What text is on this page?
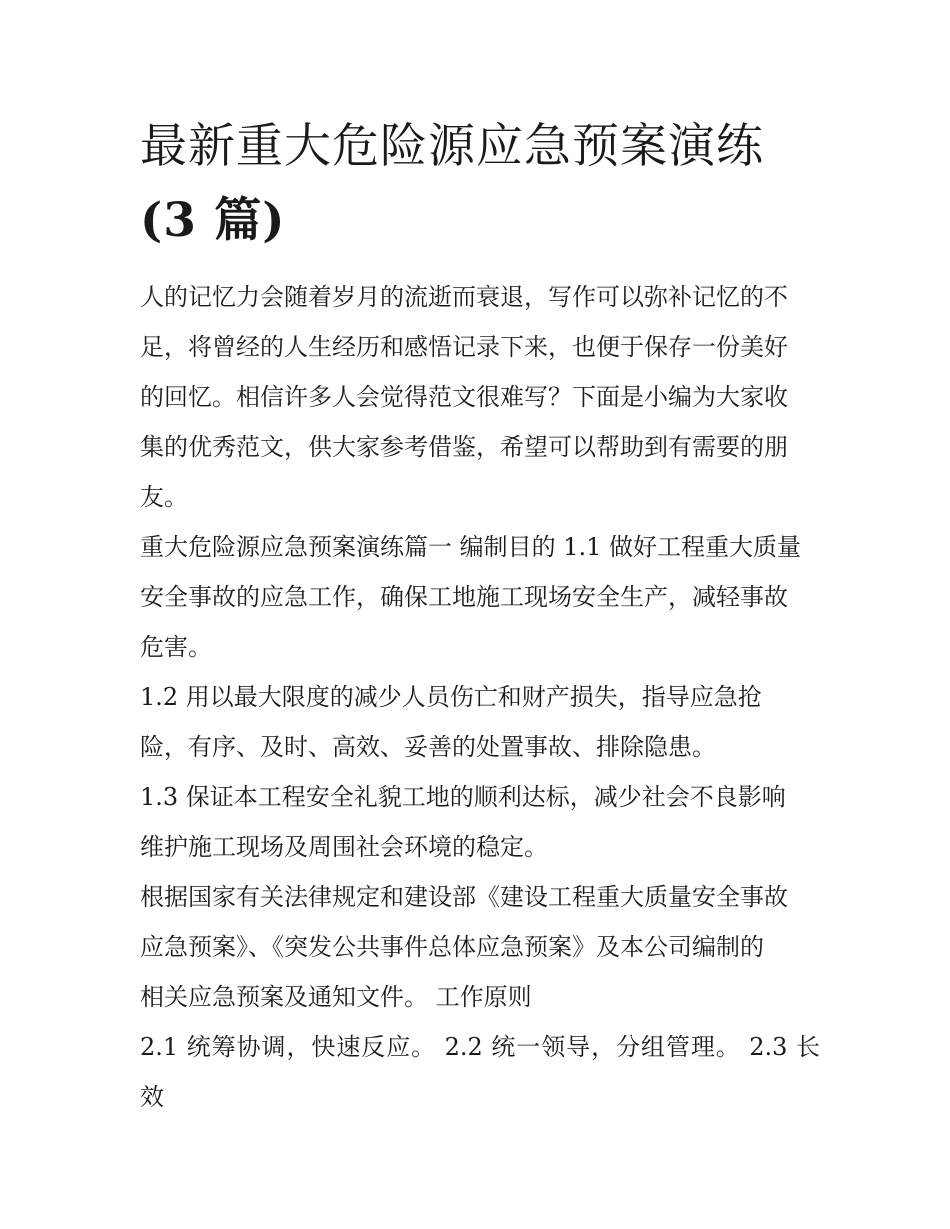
最新重大危险源应急预案演练
(3 篇)
人的记忆力会随着岁月的流逝而衰退，写作可以弥补记忆的不
足，将曾经的人生经历和感悟记录下来，也便于保存一份美好
的回忆。相信许多人会觉得范文很难写？下面是小编为大家收
集的优秀范文，供大家参考借鉴，希望可以帮助到有需要的朋
友。
重大危险源应急预案演练篇一 编制目的 1.1 做好工程重大质量
安全事故的应急工作，确保工地施工现场安全生产，减轻事故
危害。
1.2 用以最大限度的减少人员伤亡和财产损失，指导应急抢
险，有序、及时、高效、妥善的处置事故、排除隐患。
1.3 保证本工程安全礼貌工地的顺利达标，减少社会不良影响
维护施工现场及周围社会环境的稳定。
根据国家有关法律规定和建设部《建设工程重大质量安全事故
应急预案》、《突发公共事件总体应急预案》及本公司编制的
相关应急预案及通知文件。 工作原则
2.1 统筹协调，快速反应。 2.2 统一领导，分组管理。 2.3 长效
